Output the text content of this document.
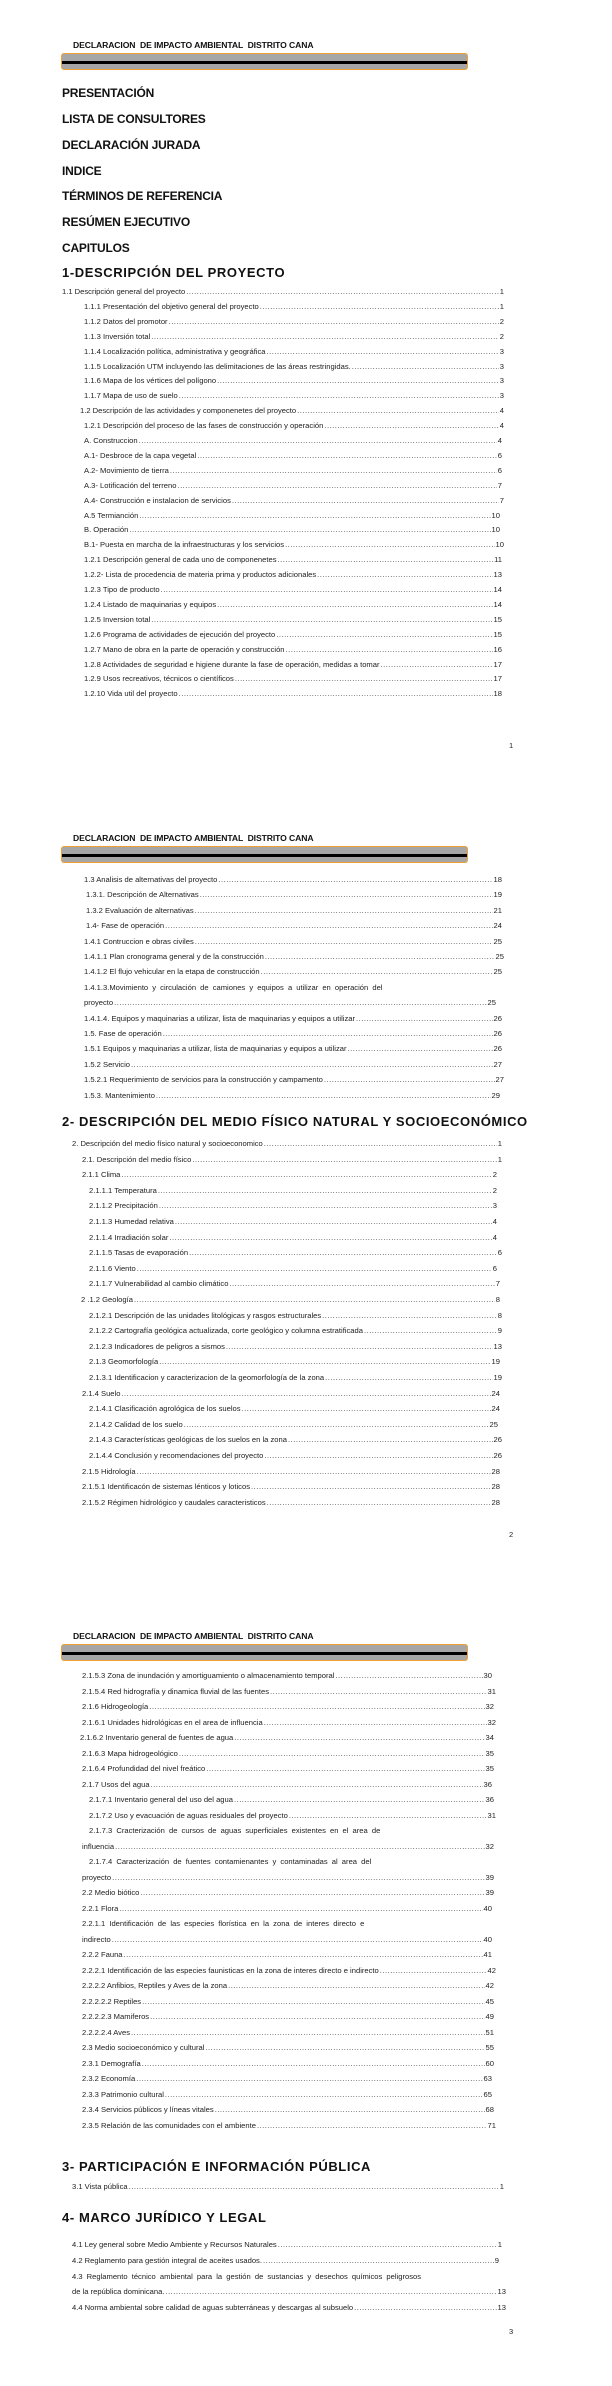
DECLARACION  DE IMPACTO AMBIENTAL  DISTRITO CANA
PRESENTACIÓN
LISTA DE CONSULTORES
DECLARACIÓN JURADA
INDICE
TÉRMINOS DE REFERENCIA
RESÚMEN EJECUTIVO
CAPITULOS
1-DESCRIPCIÓN DEL PROYECTO
1.1 Descripción general del proyecto .....	1
1.1.1 Presentación del objetivo general del proyecto .....	1
1.1.2 Datos del promotor .....	2
1.1.3 Inversión total .....	2
1.1.4 Localización política, administrativa y geográfica .....	3
1.1.5 Localización UTM incluyendo las delimitaciones de las áreas restringidas. .....	3
1.1.6 Mapa de los vértices del polígono .....	3
1.1.7 Mapa de uso de suelo .....	3
1.2 Descripción de las actividades y componenetes del proyecto .....	4
1.2.1 Descripción del proceso de las fases de construcción y operación .....	4
A. Construccion .....	4
A.1- Desbroce de la capa vegetal .....	6
A.2- Movimiento de tierra .....	6
A.3- Lotificación del terreno .....	7
A.4- Construcción e instalacion de servicios .....	7
A.5 Termianción .....	10
B. Operación .....	10
B.1- Puesta en marcha de la infraestructuras y los servicios .....	10
1.2.1 Descripción general de cada uno de componenetes .....	11
1.2.2- Lista de procedencia de materia prima y productos adicionales .....	13
1.2.3 Tipo de producto .....	14
1.2.4 Listado de maquinarias y equipos .....	14
1.2.5 Inversion total .....	15
1.2.6 Programa de actividades de ejecución del proyecto .....	15
1.2.7 Mano de obra en la parte de operación y construcción .....	16
1.2.8 Actividades de seguridad e higiene durante la fase de operación, medidas a tomar .....	17
1.2.9 Usos recreativos, técnicos o científicos .....	17
1.2.10 Vida util del proyecto .....	18
1
DECLARACION  DE IMPACTO AMBIENTAL  DISTRITO CANA
1.3 Analisis de alternativas del proyecto .....	18
1.3.1. Descripción de Alternativas .....	19
1.3.2 Evaluación de alternativas .....	21
1.4- Fase de operación .....	24
1.4.1 Contruccion e obras civiles .....	25
1.4.1.1 Plan cronograma general y de la construcción .....	25
1.4.1.2 El flujo vehicular en la etapa de construcción .....	25
1.4.1.3.Movimiento y circulación de camiones y equipos a utilizar en operación del
proyecto .....	25
1.4.1.4. Equipos y maquinarias a utilizar, lista de maquinarias y equipos a utilizar .....	26
1.5. Fase de operación .....	26
1.5.1 Equipos y maquinarias a utilizar, lista de maquinarias y equipos a utilizar .....	26
1.5.2 Servicio .....	27
1.5.2.1 Requerimiento de servicios para la construcción y campamento .....	27
1.5.3. Mantenimiento .....	29
2- DESCRIPCIÓN DEL MEDIO FÍSICO NATURAL Y SOCIOECONÓMICO
2. Descripción del medio físico natural y socioeconomico .....	1
2.1. Descripción del medio físico .....	1
2.1.1 Clima .....	2
2.1.1.1 Temperatura .....	2
2.1.1.2 Precipitación .....	3
2.1.1.3 Humedad relativa .....	4
2.1.1.4 Irradiación solar .....	4
2.1.1.5 Tasas de evaporación .....	6
2.1.1.6 Viento .....	6
2.1.1.7 Vulnerabilidad al cambio climático .....	7
2 .1.2 Geología .....	8
2.1.2.1 Descripción de las unidades litológicas y rasgos estructurales .....	8
2.1.2.2 Cartografía geológica actualizada, corte geológico y columna estratificada .....	9
2.1.2.3 Indicadores de peligros a sismos .....	13
2.1.3 Geomorfología .....	19
2.1.3.1 Identificacion y caracterizacion de la geomorfología de la zona .....	19
2.1.4 Suelo .....	24
2.1.4.1 Clasificación agrológica de los suelos .....	24
2.1.4.2 Calidad de los suelo .....	25
2.1.4.3 Características geológicas de los suelos en la zona .....	26
2.1.4.4 Conclusión y recomendaciones del proyecto .....	26
2.1.5 Hidrología .....	28
2.1.5.1 Identificacón de sistemas lénticos y loticos .....	28
2.1.5.2 Régimen hidrológico y caudales caracteristicos .....	28
2
DECLARACION  DE IMPACTO AMBIENTAL  DISTRITO CANA
2.1.5.3 Zona de inundación y amortiguamiento o almacenamiento temporal .....	30
2.1.5.4 Red hidrografía y dinamica fluvial de las fuentes .....	31
2.1.6 Hidrogeología .....	32
2.1.6.1 Unidades hidrológicas en el area de influencia .....	32
2.1.6.2 Inventario general de fuentes de agua .....	34
2.1.6.3 Mapa hidrogeológico .....	35
2.1.6.4 Profundidad del nivel freático .....	35
2.1.7 Usos del agua .....	36
2.1.7.1 Inventario general del uso del agua .....	36
2.1.7.2 Uso y evacuación de aguas residuales del proyecto .....	31
2.1.7.3 Cracterización de cursos de aguas superficiales existentes en el area de
influencia .....	32
2.1.7.4 Caracterización de fuentes contamienantes y contaminadas al area del
proyecto .....	39
2.2 Medio biótico .....	39
2.2.1 Flora .....	40
2.2.1.1 Identificación de las especies florística en la zona de interes directo e
indirecto .....	40
2.2.2 Fauna .....	41
2.2.2.1 Identificación de las especies faunisticas en la zona de interes directo e indirecto .....	42
2.2.2.2 Anfibios, Reptiles y Aves de la zona .....	42
2.2.2.2.2 Reptiles .....	45
2.2.2.2.3 Mamiferos .....	49
2.2.2.2.4 Aves .....	51
2.3 Medio socioeconómico y cultural .....	55
2.3.1 Demografía .....	60
2.3.2 Economía .....	63
2.3.3 Patrimonio cultural .....	65
2.3.4 Servicios públicos y líneas vitales .....	68
2.3.5 Relación de las comunidades con el ambiente .....	71
3- PARTICIPACIÓN E INFORMACIÓN PÚBLICA
3.1 Vista pública .....	1
4- MARCO JURÍDICO Y LEGAL
4.1 Ley general sobre Medio Ambiente y Recursos Naturales .....	1
4.2 Reglamento para gestión integral de aceites usados. .....	9
4.3 Reglamento técnico ambiental para la gestión de sustancias y desechos químicos peligrosos
de la república dominicana. .....	13
4.4 Norma ambiental sobre calidad de aguas subterráneas y descargas al subsuelo .....	13
3
